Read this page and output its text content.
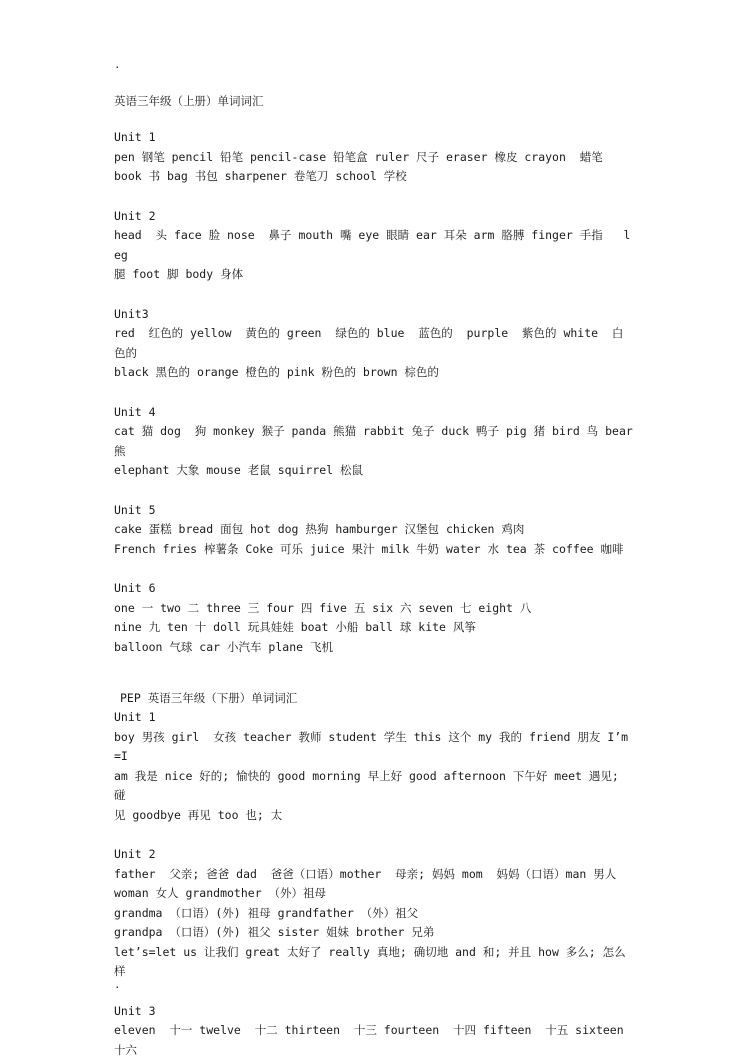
.

英语三年级（上册）单词词汇

Unit 1

pen 钢笔 pencil 铅笔 pencil-case 铅笔盒 ruler 尺子 eraser 橡皮 crayon  蜡笔

book 书 bag 书包 sharpener 卷笔刀 school 学校

Unit 2

head  头 face 脸 nose  鼻子 mouth 嘴 eye 眼睛 ear 耳朵 arm 胳膊 finger 手指   leg

腿 foot 脚 body 身体

Unit3

red  红色的 yellow  黄色的 green  绿色的 blue  蓝色的  purple  紫色的 white  白色的

black 黑色的 orange 橙色的 pink 粉色的 brown 棕色的

Unit 4

cat 猫 dog  狗 monkey 猴子 panda 熊猫 rabbit 兔子 duck 鸭子 pig 猪 bird 鸟 bear 熊

elephant 大象 mouse 老鼠 squirrel 松鼠

Unit 5

cake 蛋糕 bread 面包 hot dog 热狗 hamburger 汉堡包 chicken 鸡肉

French fries 榨薯条 Coke 可乐 juice 果汁 milk 牛奶 water 水 tea 茶 coffee 咖啡

Unit 6

one 一 two 二 three 三 four 四 five 五 six 六 seven 七 eight 八

nine 九 ten 十 doll 玩具娃娃 boat 小船 ball 球 kite 风筝

balloon 气球 car 小汽车 plane 飞机

PEP 英语三年级（下册）单词词汇

Unit 1

boy 男孩 girl  女孩 teacher 教师 student 学生 this 这个 my 我的 friend 朋友 I’m=I

am 我是 nice 好的; 愉快的 good morning 早上好 good afternoon 下午好 meet 遇见; 碰

见 goodbye 再见 too 也; 太

Unit 2

father  父亲; 爸爸 dad  爸爸（口语）mother  母亲; 妈妈 mom  妈妈（口语）man 男人

woman 女人 grandmother （外）祖母

grandma （口语）(外) 祖母 grandfather （外）祖父

grandpa （口语）(外) 祖父 sister 姐妹 brother 兄弟

let’s=let us 让我们 great 太好了 really 真地; 确切地 and 和; 并且 how 多么; 怎么

样

Unit 3

eleven  十一 twelve  十二 thirteen  十三 fourteen  十四 fifteen  十五 sixteen  十六

.
